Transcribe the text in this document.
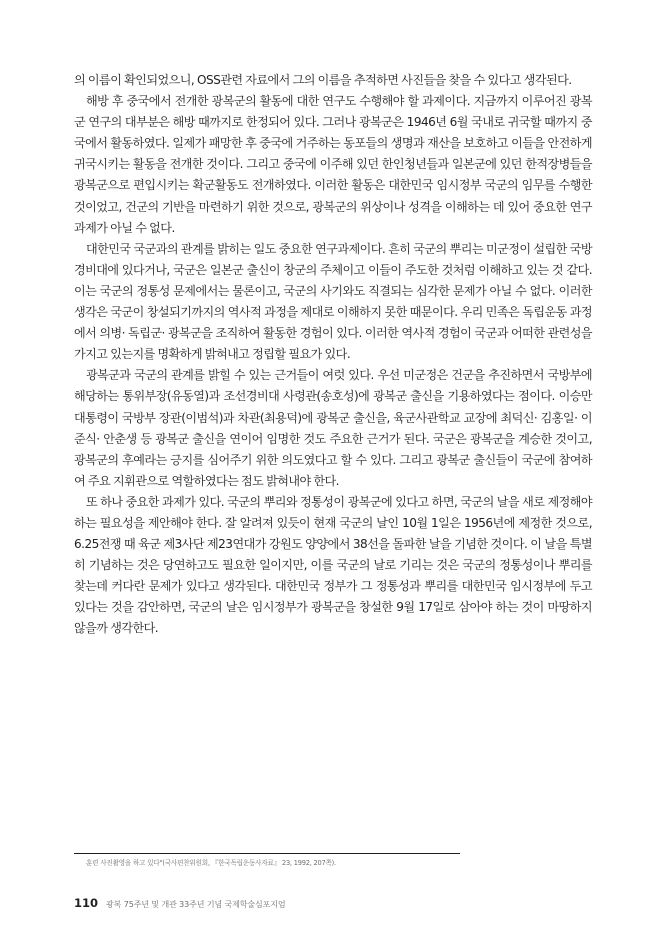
의 이름이 확인되었으니, OSS관련 자료에서 그의 이름을 추적하면 사진들을 찾을 수 있다고 생각된다.

해방 후 중국에서 전개한 광복군의 활동에 대한 연구도 수행해야 할 과제이다. 지금까지 이루어진 광복군 연구의 대부분은 해방 때까지로 한정되어 있다. 그러나 광복군은 1946년 6월 국내로 귀국할 때까지 중국에서 활동하였다. 일제가 패망한 후 중국에 거주하는 동포들의 생명과 재산을 보호하고 이들을 안전하게 귀국시키는 활동을 전개한 것이다. 그리고 중국에 이주해 있던 한인청년들과 일본군에 있던 한적장병들을 광복군으로 편입시키는 확군활동도 전개하였다. 이러한 활동은 대한민국 임시정부 국군의 임무를 수행한 것이었고, 건군의 기반을 마련하기 위한 것으로, 광복군의 위상이나 성격을 이해하는 데 있어 중요한 연구과제가 아닐 수 없다.

대한민국 국군과의 관계를 밝히는 일도 중요한 연구과제이다. 흔히 국군의 뿌리는 미군정이 설립한 국방경비대에 있다거나, 국군은 일본군 출신이 창군의 주체이고 이들이 주도한 것처럼 이해하고 있는 것 같다. 이는 국군의 정통성 문제에서는 물론이고, 국군의 사기와도 직결되는 심각한 문제가 아닐 수 없다. 이러한 생각은 국군이 창설되기까지의 역사적 과정을 제대로 이해하지 못한 때문이다. 우리 민족은 독립운동 과정에서 의병· 독립군· 광복군을 조직하여 활동한 경험이 있다. 이러한 역사적 경험이 국군과 어떠한 관련성을 가지고 있는지를 명확하게 밝혀내고 정립할 필요가 있다.

광복군과 국군의 관계를 밝힐 수 있는 근거들이 여럿 있다. 우선 미군정은 건군을 추진하면서 국방부에 해당하는 통위부장(유동열)과 조선경비대 사령관(송호성)에 광복군 출신을 기용하였다는 점이다. 이승만 대통령이 국방부 장관(이범석)과 차관(최용덕)에 광복군 출신을, 육군사관학교 교장에 최덕신· 김홍일· 이준식· 안춘생 등 광복군 출신을 연이어 임명한 것도 주요한 근거가 된다. 국군은 광복군을 계승한 것이고, 광복군의 후예라는 긍지를 심어주기 위한 의도였다고 할 수 있다. 그리고 광복군 출신들이 국군에 참여하여 주요 지휘관으로 역할하였다는 점도 밝혀내야 한다.

또 하나 중요한 과제가 있다. 국군의 뿌리와 정통성이 광복군에 있다고 하면, 국군의 날을 새로 제정해야 하는 필요성을 제안해야 한다. 잘 알려져 있듯이 현재 국군의 날인 10월 1일은 1956년에 제정한 것으로, 6.25전쟁 때 육군 제3사단 제23연대가 강원도 양양에서 38선을 돌파한 날을 기념한 것이다. 이 날을 특별히 기념하는 것은 당연하고도 필요한 일이지만, 이를 국군의 날로 기리는 것은 국군의 정통성이나 뿌리를 찾는데 커다란 문제가 있다고 생각된다. 대한민국 정부가 그 정통성과 뿌리를 대한민국 임시정부에 두고 있다는 것을 감안하면, 국군의 날은 임시정부가 광복군을 창설한 9월 17일로 삼아야 하는 것이 마땅하지 않을까 생각한다.

훈련 사진촬영을 하고 있다"(국사편찬위원회, 『한국독립운동사자료』 23, 1992, 207쪽).
110 광복 75주년 및 개관 33주년 기념 국제학술심포지엄
